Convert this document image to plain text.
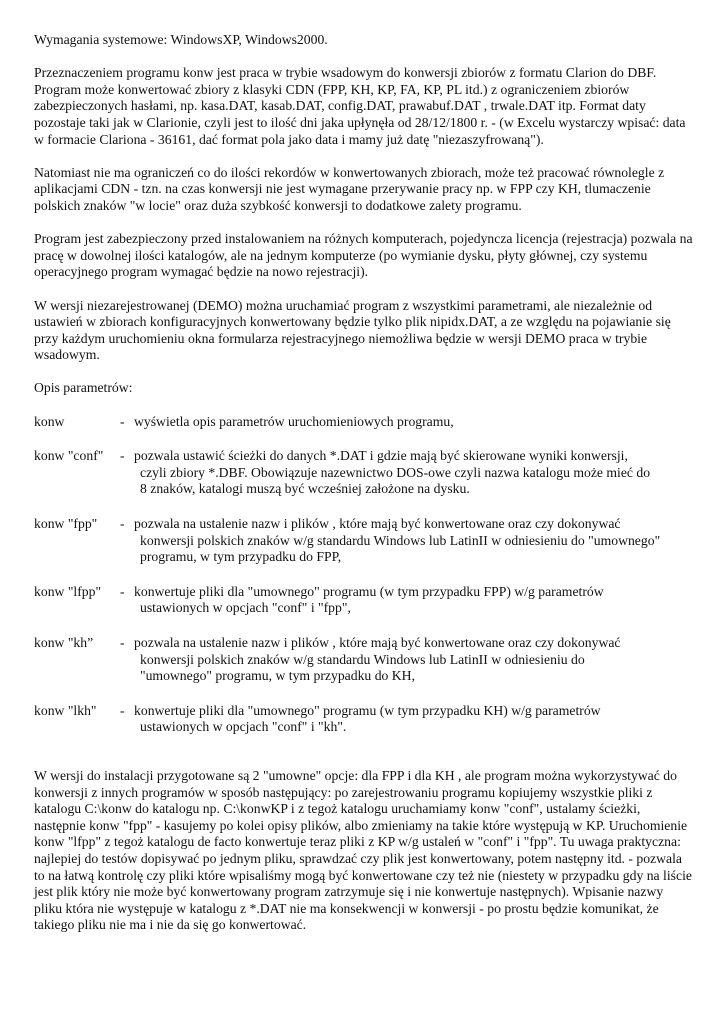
Wymagania systemowe: WindowsXP, Windows2000.

Przeznaczeniem programu konw jest praca w trybie wsadowym do konwersji zbiorów z formatu Clarion do DBF. Program może konwertować zbiory z klasyki CDN (FPP, KH, KP, FA, KP, PL itd.) z ograniczeniem zbiorów zabezpieczonych hasłami, np. kasa.DAT, kasab.DAT, config.DAT, prawabuf.DAT , trwale.DAT itp. Format daty pozostaje taki jak w Clarionie, czyli jest to ilość dni jaka upłynęła od 28/12/1800 r. - (w Excelu wystarczy wpisać: data w formacie Clariona - 36161, dać format pola jako data i mamy już datę "niezaszyfrowaną").

Natomiast nie ma ograniczeń co do ilości rekordów w konwertowanych zbiorach, może też pracować równolegle z aplikacjami CDN - tzn. na czas konwersji nie jest wymagane przerywanie pracy np. w FPP czy KH, tlumaczenie polskich znaków "w locie" oraz duża szybkość konwersji to dodatkowe zalety programu.

Program jest zabezpieczony przed instalowaniem na różnych komputerach, pojedyncza licencja (rejestracja) pozwala na pracę w dowolnej ilości katalogów, ale na jednym komputerze (po wymianie dysku, płyty głównej, czy systemu operacyjnego program wymagać będzie na nowo rejestracji).

W wersji niezarejestrowanej (DEMO) można uruchamiać program z wszystkimi parametrami, ale niezależnie od ustawień w zbiorach konfiguracyjnych konwertowany będzie tylko plik nipidx.DAT, a ze względu na pojawianie się przy każdym uruchomieniu okna formularza rejestracyjnego niemożliwa będzie w wersji DEMO praca w trybie wsadowym.

Opis parametrów:

konw	- wyświetla opis parametrów uruchomieniowych programu,
konw "conf"	- pozwala ustawić ścieżki do danych *.DAT i gdzie mają być skierowane wyniki konwersji,
czyli zbiory *.DBF. Obowiązuje nazewnictwo DOS-owe czyli nazwa katalogu może mieć do
8 znaków, katalogi muszą być wcześniej założone na dysku.
konw "fpp"	- pozwala na ustalenie nazw i plików , które mają być konwertowane oraz czy dokonywać
konwersji polskich znaków w/g standardu Windows lub LatinII w odniesieniu do "umownego"
programu, w tym przypadku do FPP,
konw "lfpp"	- konwertuje pliki dla "umownego" programu (w tym przypadku FPP) w/g parametrów
ustawionych w opcjach "conf" i "fpp",
konw "kh”	- pozwala na ustalenie nazw i plików , które mają być konwertowane oraz czy dokonywać
konwersji polskich znaków w/g standardu Windows lub LatinII w odniesieniu do
"umownego" programu, w tym przypadku do KH,
konw "lkh"	- konwertuje pliki dla "umownego" programu (w tym przypadku KH) w/g parametrów
ustawionych w opcjach "conf" i "kh".

W wersji do instalacji przygotowane są 2 "umowne" opcje: dla FPP i dla KH , ale program można wykorzystywać do konwersji z innych programów w sposób następujący: po zarejestrowaniu programu kopiujemy wszystkie pliki z katalogu C:\konw do katalogu np. C:\konwKP i z tegoż katalogu uruchamiamy konw "conf", ustalamy ścieżki, następnie konw "fpp" - kasujemy po kolei opisy plików, albo zmieniamy na takie które występują w KP. Uruchomienie konw "lfpp" z tegoż katalogu de facto konwertuje teraz pliki z KP w/g ustaleń w "conf" i "fpp". Tu uwaga praktyczna: najlepiej do testów dopisywać po jednym pliku, sprawdzać czy plik jest konwertowany, potem następny itd. - pozwala to na łatwą kontrolę czy pliki które wpisaliśmy mogą być konwertowane czy też nie (niestety w przypadku gdy na liście jest plik który nie może być konwertowany program zatrzymuje się i nie konwertuje następnych). Wpisanie nazwy pliku która nie występuje w katalogu z *.DAT nie ma konsekwencji w konwersji - po prostu będzie komunikat, że takiego pliku nie ma i nie da się go konwertować.
